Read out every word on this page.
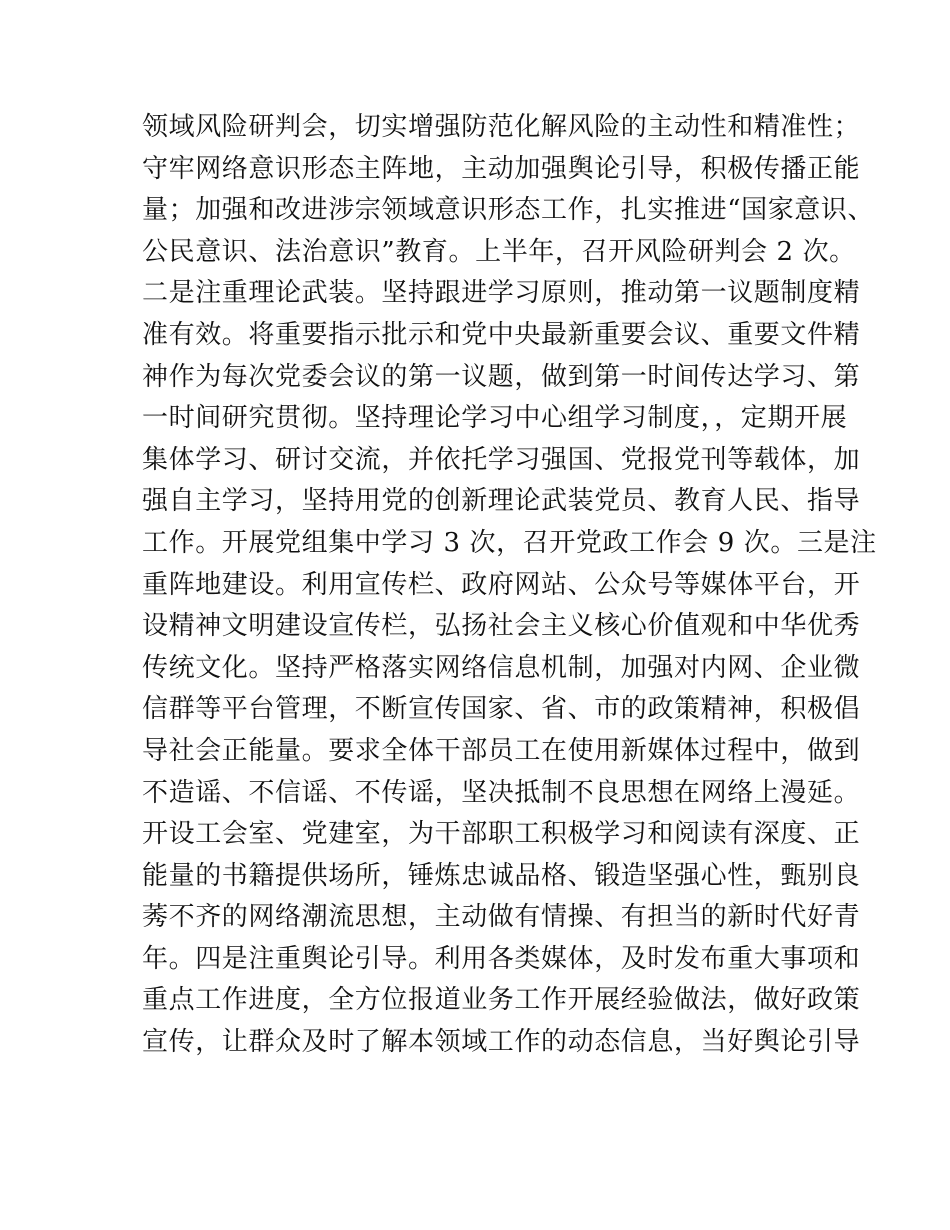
领域风险研判会，切实增强防范化解风险的主动性和精准性；
守牢网络意识形态主阵地，主动加强舆论引导，积极传播正能
量；加强和改进涉宗领域意识形态工作，扎实推进“国家意识、
公民意识、法治意识”教育。上半年，召开风险研判会 2 次。
二是注重理论武装。坚持跟进学习原则，推动第一议题制度精
准有效。将重要指示批示和党中央最新重要会议、重要文件精
神作为每次党委会议的第一议题，做到第一时间传达学习、第
一时间研究贯彻。坚持理论学习中心组学习制度，，定期开展
集体学习、研讨交流，并依托学习强国、党报党刊等载体，加
强自主学习，坚持用党的创新理论武装党员、教育人民、指导
工作。开展党组集中学习 3 次，召开党政工作会 9 次。三是注
重阵地建设。利用宣传栏、政府网站、公众号等媒体平台，开
设精神文明建设宣传栏，弘扬社会主义核心价值观和中华优秀
传统文化。坚持严格落实网络信息机制，加强对内网、企业微
信群等平台管理，不断宣传国家、省、市的政策精神，积极倡
导社会正能量。要求全体干部员工在使用新媒体过程中，做到
不造谣、不信谣、不传谣，坚决抵制不良思想在网络上漫延。
开设工会室、党建室，为干部职工积极学习和阅读有深度、正
能量的书籍提供场所，锤炼忠诚品格、锻造坚强心性，甄别良
莠不齐的网络潮流思想，主动做有情操、有担当的新时代好青
年。四是注重舆论引导。利用各类媒体，及时发布重大事项和
重点工作进度，全方位报道业务工作开展经验做法，做好政策
宣传，让群众及时了解本领域工作的动态信息，当好舆论引导
